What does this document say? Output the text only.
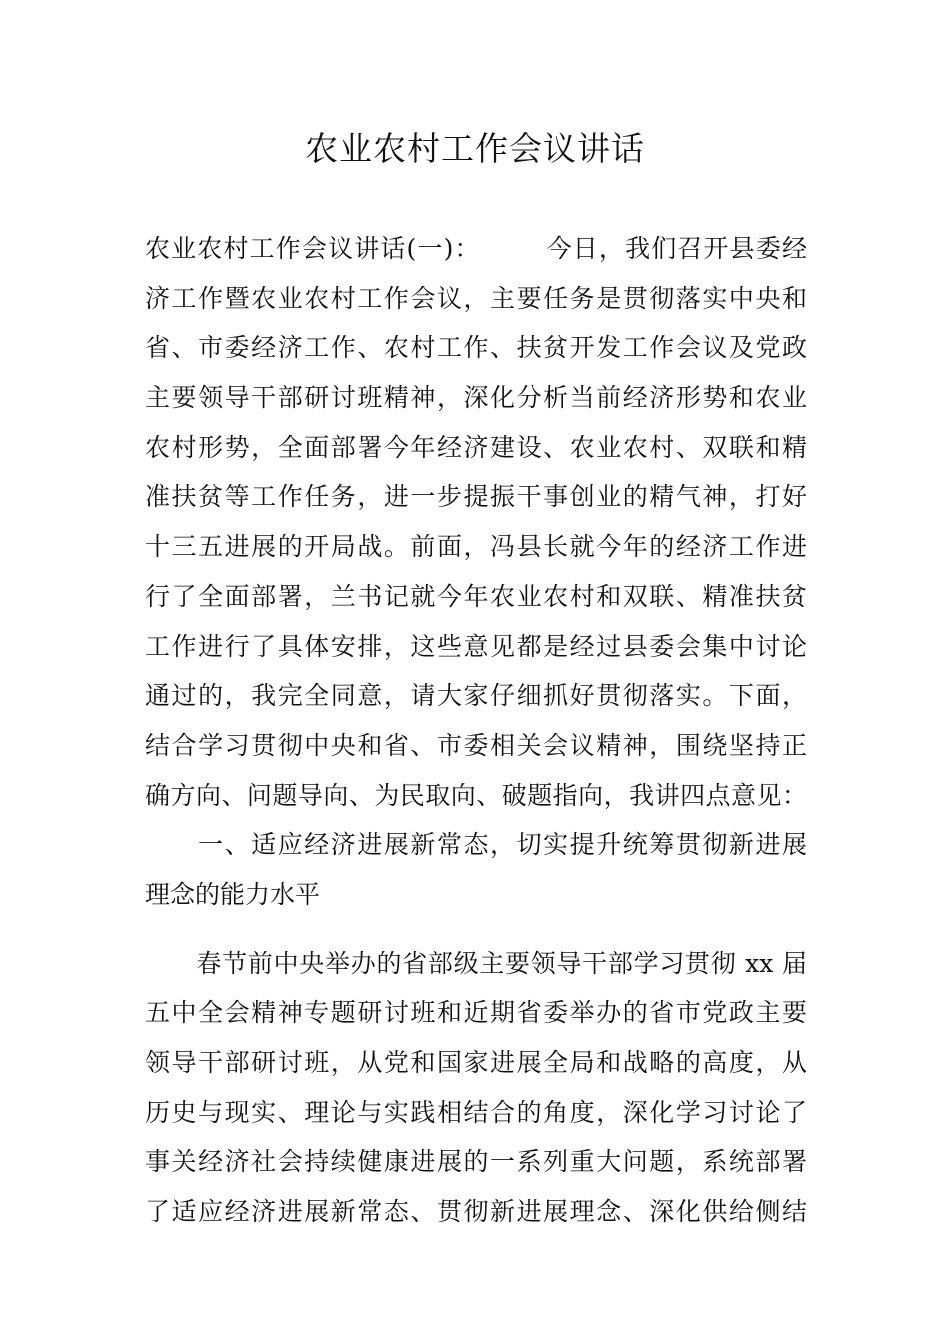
农业农村工作会议讲话
农业农村工作会议讲话(一)：　　　今日，我们召开县委经
济工作暨农业农村工作会议，主要任务是贯彻落实中央和
省、市委经济工作、农村工作、扶贫开发工作会议及党政
主要领导干部研讨班精神，深化分析当前经济形势和农业
农村形势，全面部署今年经济建设、农业农村、双联和精
准扶贫等工作任务，进一步提振干事创业的精气神，打好
十三五进展的开局战。前面，冯县长就今年的经济工作进
行了全面部署，兰书记就今年农业农村和双联、精准扶贫
工作进行了具体安排，这些意见都是经过县委会集中讨论
通过的，我完全同意，请大家仔细抓好贯彻落实。下面，
结合学习贯彻中央和省、市委相关会议精神，围绕坚持正
确方向、问题导向、为民取向、破题指向，我讲四点意见：
　　一、适应经济进展新常态，切实提升统筹贯彻新进展
理念的能力水平
　　春节前中央举办的省部级主要领导干部学习贯彻 xx 届
五中全会精神专题研讨班和近期省委举办的省市党政主要
领导干部研讨班，从党和国家进展全局和战略的高度，从
历史与现实、理论与实践相结合的角度，深化学习讨论了
事关经济社会持续健康进展的一系列重大问题，系统部署
了适应经济进展新常态、贯彻新进展理念、深化供给侧结
